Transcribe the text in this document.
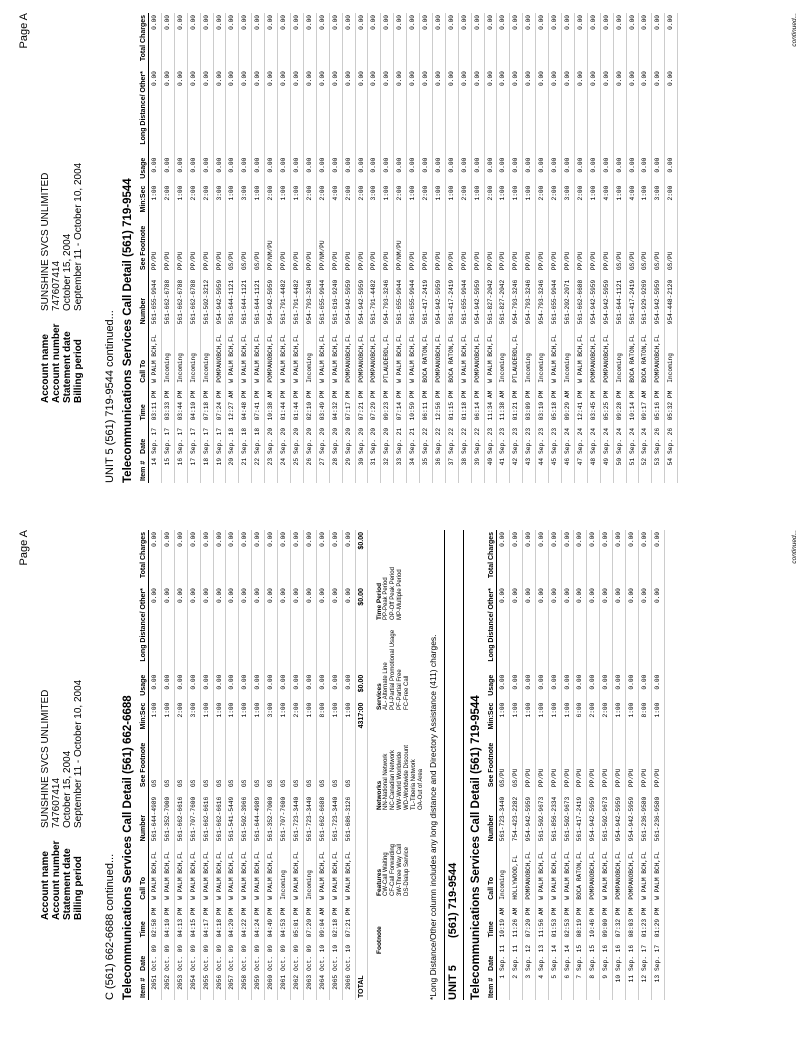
Account name
SUNSHINE SVCS UNLIMITED
Account number
747607414
Statement date
October 15, 2004
Billing period
September 11 - October 10, 2004
Page A
C (561) 662-6688 continued... Telecommunications Services Call Detail (561) 662-6688 Item #	Date	Time	Call To	Number	See Footnote	Min:Sec	Usage	Long Distance/ Other*	Total Charges
2051	Oct. 09	02:58 PM	W PALM BCH,FL	561-644-4989	GS	1:00	0.00	0.00	0.00
2052	Oct. 09	04:10 PM	W PALM BCH,FL	561-352-7000	GS	1:00	0.00	0.00	0.00
2053	Oct. 09	04:13 PM	W PALM BCH,FL	561-662-6616	GS	2:00	0.00	0.00	0.00
2054	Oct. 09	04:15 PM	W PALM BCH,FL	561-707-7600	GS	3:00	0.00	0.00	0.00
2055	Oct. 09	04:17 PM	W PALM BCH,FL	561-662-6616	GS	1:00	0.00	0.00	0.00
2056	Oct. 09	04:18 PM	W PALM BCH,FL	561-662-6616	GS	1:00	0.00	0.00	0.00
2057	Oct. 09	04:20 PM	W PALM BCH,FL	561-541-5449	GS	1:00	0.00	0.00	0.00
2058	Oct. 09	04:22 PM	W PALM BCH,FL	561-502-3966	GS	1:00	0.00	0.00	0.00
2059	Oct. 09	04:24 PM	W PALM BCH,FL	561-644-4989	GS	1:00	0.00	0.00	0.00
2060	Oct. 09	04:49 PM	W PALM BCH,FL	561-352-7000	GS	3:00	0.00	0.00	0.00
2061	Oct. 09	04:53 PM	Incoming	561-707-7600	GS	1:00	0.00	0.00	0.00
2062	Oct. 09	05:01 PM	W PALM BCH,FL	561-723-3440	GS	2:00	0.00	0.00	0.00
2063	Oct. 09	07:20 PM	Incoming	561-723-3440	GS	1:00	0.00	0.00	0.00
2064	Oct. 10	09:04 AM	W PALM BCH,FL	561-662-6688	GS	8:00	0.00	0.00	0.00
2065	Oct. 10	02:18 PM	W PALM BCH,FL	561-723-3440	GS	1:00	0.00	0.00	0.00
2066	Oct. 10	07:21 PM	W PALM BCH,FL	561-686-3126	GS	1:00	0.00	0.00	0.00
TOTAL						4317:00	$0.00	$0.00	$0.00
Footnote
Features CW-Call Waiting CF-Call Forwarding 3W-Three Way Call DS-Dialup Service
Networks NN-National Network NC-Canadian Network WW-World Worldwide WD-Worldwide Discount TL-Tiberia Network OA-Out of Area
Services AL- Alternate Line PU-Partial Promotional Usage PF-Partial Free FC-Free Call
Time Period PP-Peak Period OP-Off Peak Period MP-Multiple Period
*Long Distance/Other column includes any long distance and Directory Assistance (411) charges. UNIT 5
(561) 719-9544 Telecommunications Services Call Detail (561) 719-9544 Item #	Date	Time	Call To	Number	See Footnote	Min:Sec	Usage	Long Distance/ Other*	Total Charges
1	Sep. 11	10:19 AM	Incoming	561-723-3440	GS/PU	1:00	0.00	0.00	0.00
2	Sep. 11	11:26 AM	HOLLYWOOD,FL	754-423-2282	GS/PU	1:00	0.00	0.00	0.00
3	Sep. 12	07:20 PM	POMPANOBCH,FL	954-942-5959	PP/PU	1:00	0.00	0.00	0.00
4	Sep. 13	11:56 AM	W PALM BCH,FL	561-502-9673	PP/PU	1:00	0.00	0.00	0.00
5	Sep. 14	01:53 PM	W PALM BCH,FL	561-856-2334	PP/PU	1:00	0.00	0.00	0.00
6	Sep. 14	02:53 PM	W PALM BCH,FL	561-502-9673	PP/PU	1:00	0.00	0.00	0.00
7	Sep. 15	08:19 PM	BOCA RATON,FL	561-417-2419	PP/PU	6:00	0.00	0.00	0.00
8	Sep. 15	10:46 PM	POMPANOBCH,FL	954-942-5959	PP/PU	2:00	0.00	0.00	0.00
9	Sep. 16	09:00 PM	W PALM BCH,FL	561-502-9673	PP/PU	2:00	0.00	0.00	0.00
10	Sep. 16	07:32 PM	POMPANOBCH,FL	954-942-5959	PP/PU	1:00	0.00	0.00	0.00
11	Sep. 16	08:03 PM	POMPANOBCH,FL	954-942-5959	PP/PU	1:00	0.00	0.00	0.00
12	Sep. 17	01:23 PM	W PALM BCH,FL	561-236-9580	PP/PU	8:00	0.00	0.00	0.00
13	Sep. 17	01:29 PM	W PALM BCH,FL	561-236-9580	PP/PU	1:00	0.00	0.00	0.00	continued...
Account name
SUNSHINE SVCS UNLIMITED
Account number
747607414
Statement date
October 15, 2004
Billing period
September 11 - October 10, 2004
Page A
UNIT 5 (561) 719-9544 continued... Telecommunications Services Call Detail (561) 719-9544 Item #	Date	Time	Call To	Number	See Footnote	Min:Sec	Usage	Long Distance/ Other*	Total Charges
14	Sep. 17	03:11 PM	W PALM BCH,FL	561-655-9944	PP/PU	1:00	0.00	0.00	0.00
15	Sep. 17	03:33 PM	Incoming	561-662-6788	PP/PU	2:00	0.00	0.00	0.00
16	Sep. 17	03:44 PM	Incoming	561-662-6788	PP/PU	1:00	0.00	0.00	0.00
17	Sep. 17	04:10 PM	Incoming	561-662-6788	PP/PU	2:00	0.00	0.00	0.00
18	Sep. 17	07:18 PM	Incoming	561-502-3212	PP/PU	2:00	0.00	0.00	0.00
19	Sep. 17	07:24 PM	POMPANOBCH,FL	954-942-5959	PP/PU	3:00	0.00	0.00	0.00
20	Sep. 18	12:27 AM	W PALM BCH,FL	561-644-1121	GS/PU	1:00	0.00	0.00	0.00
21	Sep. 18	04:48 PM	W PALM BCH,FL	561-644-1121	GS/PU	3:00	0.00	0.00	0.00
22	Sep. 18	07:41 PM	W PALM BCH,FL	561-644-1121	GS/PU	1:00	0.00	0.00	0.00
23	Sep. 20	10:38 AM	POMPANOBCH,FL	954-942-5959	PP/NM/PU	2:00	0.00	0.00	0.00
24	Sep. 20	01:44 PM	W PALM BCH,FL	561-791-4482	PP/PU	1:00	0.00	0.00	0.00
25	Sep. 20	01:44 PM	W PALM BCH,FL	561-791-4482	PP/PU	1:00	0.00	0.00	0.00
26	Sep. 20	02:10 PM	Incoming	954-793-3246	PP/PU	2:00	0.00	0.00	0.00
27	Sep. 20	03:49 PM	W PALM BCH,FL	561-655-9944	PP/NM/PU	2:00	0.00	0.00	0.00
28	Sep. 20	04:32 PM	W PALM BCH,FL	561-616-9240	PP/PU	4:00	0.00	0.00	0.00
29	Sep. 20	07:17 PM	POMPANOBCH,FL	954-942-5959	PP/PU	2:00	0.00	0.00	0.00
30	Sep. 20	07:21 PM	POMPANOBCH,FL	954-942-5959	PP/PU	2:00	0.00	0.00	0.00
31	Sep. 20	07:29 PM	POMPANOBCH,FL	561-791-4482	PP/PU	3:00	0.00	0.00	0.00
32	Sep. 20	09:23 PM	PTLAUDERDL,FL	954-793-3246	PP/PU	1:00	0.00	0.00	0.00
33	Sep. 21	07:14 PM	W PALM BCH,FL	561-655-9944	PP/NM/PU	2:00	0.00	0.00	0.00
34	Sep. 21	10:59 PM	W PALM BCH,FL	561-655-9944	PP/PU	1:00	0.00	0.00	0.00
35	Sep. 22	06:11 PM	BOCA RATON,FL	561-417-2419	PP/PU	2:00	0.00	0.00	0.00
36	Sep. 22	12:56 PM	POMPANOBCH,FL	954-942-5959	PP/PU	1:00	0.00	0.00	0.00
37	Sep. 22	01:15 PM	BOCA RATON,FL	561-417-2419	PP/PU	1:00	0.00	0.00	0.00
38	Sep. 22	01:18 PM	W PALM BCH,FL	561-655-9944	PP/PU	2:00	0.00	0.00	0.00
39	Sep. 22	06:14 PM	POMPANOBCH,FL	954-942-5959	PP/PU	1:00	0.00	0.00	0.00
40	Sep. 23	11:34 AM	W PALM BCH,FL	561-827-2042	PP/PU	2:00	0.00	0.00	0.00
41	Sep. 23	11:38 AM	Incoming	561-827-2042	PP/PU	1:00	0.00	0.00	0.00
42	Sep. 23	01:21 PM	PTLAUDERDL,FL	954-793-3246	PP/PU	1:00	0.00	0.00	0.00
43	Sep. 23	03:09 PM	Incoming	954-793-3246	PP/PU	1:00	0.00	0.00	0.00
44	Sep. 23	03:10 PM	Incoming	954-793-3246	PP/PU	2:00	0.00	0.00	0.00
45	Sep. 23	05:18 PM	W PALM BCH,FL	561-655-9944	PP/PU	2:00	0.00	0.00	0.00
46	Sep. 24	09:29 AM	Incoming	561-202-2071	PP/PU	3:00	0.00	0.00	0.00
47	Sep. 24	12:41 PM	W PALM BCH,FL	561-662-6688	PP/PU	2:00	0.00	0.00	0.00
48	Sep. 24	03:45 PM	POMPANOBCH,FL	954-942-5959	PP/PU	1:00	0.00	0.00	0.00
49	Sep. 24	05:25 PM	POMPANOBCH,FL	954-942-5959	PP/PU	4:00	0.00	0.00	0.00
50	Sep. 24	09:28 PM	Incoming	561-644-1121	GS/PU	1:00	0.00	0.00	0.00
51	Sep. 24	10:14 PM	BOCA RATON,FL	561-417-2419	GS/PU	4:00	0.00	0.00	0.00
52	Sep. 24	09:17 AM	BOCA RATON,FL	561-929-9269	GS/PU	1:00	0.00	0.00	0.00
53	Sep. 26	05:16 PM	POMPANOBCH,FL	954-942-5959	GS/PU	3:00	0.00	0.00	0.00
54	Sep. 26	05:32 PM	Incoming	954-448-2120	GS/PU	2:00	0.00	0.00	0.00	continued...
